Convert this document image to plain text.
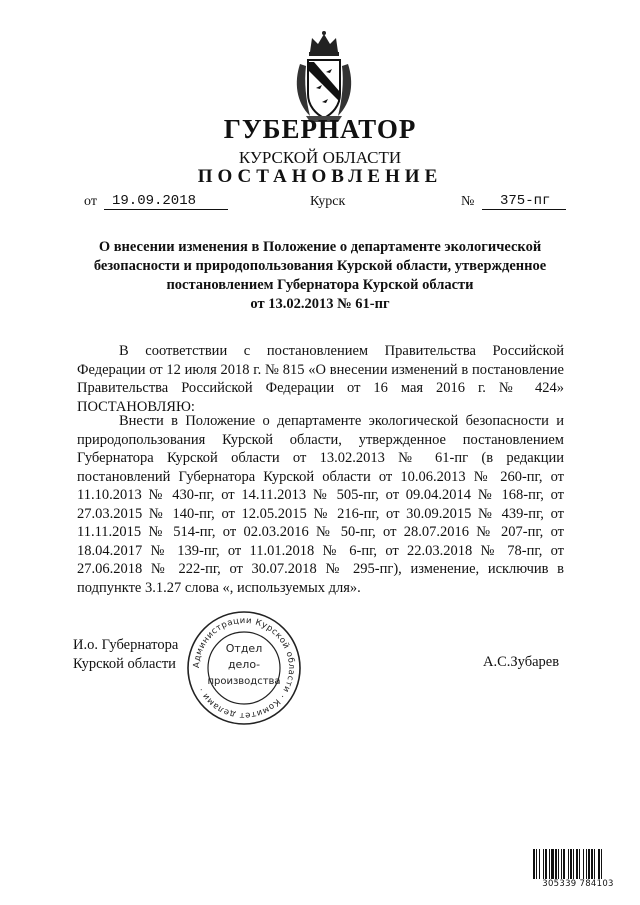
ГУБЕРНАТОР
КУРСКОЙ ОБЛАСТИ
ПОСТАНОВЛЕНИЕ
от	19.09.2018	Курск	№	375-пг
О внесении изменения в Положение о департаменте экологической
безопасности и природопользования Курской области, утвержденное
постановлением Губернатора Курской области
от 13.02.2013 № 61-пг
В соответствии с постановлением Правительства Российской Федерации от 12 июля 2018 г. № 815 «О внесении изменений в постановление Правительства Российской Федерации от 16 мая 2016 г. № 424» ПОСТАНОВЛЯЮ:
Внести в Положение о департаменте экологической безопасности и природопользования Курской области, утвержденное постановлением Губернатора Курской области от 13.02.2013 № 61-пг (в редакции постановлений Губернатора Курской области от 10.06.2013 № 260-пг, от 11.10.2013 № 430-пг, от 14.11.2013 № 505-пг, от 09.04.2014 № 168-пг, от 27.03.2015 № 140-пг, от 12.05.2015 № 216-пг, от 30.09.2015 № 439-пг, от 11.11.2015 № 514-пг, от 02.03.2016 № 50-пг, от 28.07.2016 № 207-пг, от 18.04.2017 № 139-пг, от 11.01.2018 № 6-пг, от 22.03.2018 № 78-пг, от 27.06.2018 № 222-пг, от 30.07.2018 № 295-пг), изменение, исключив в подпункте 3.1.27 слова «, используемых для».
И.о. Губернатора
Курской области	А.С.Зубарев
Администрации Курской области · Комитет делами ·
Отдел
дело-
производства
305339 784103
